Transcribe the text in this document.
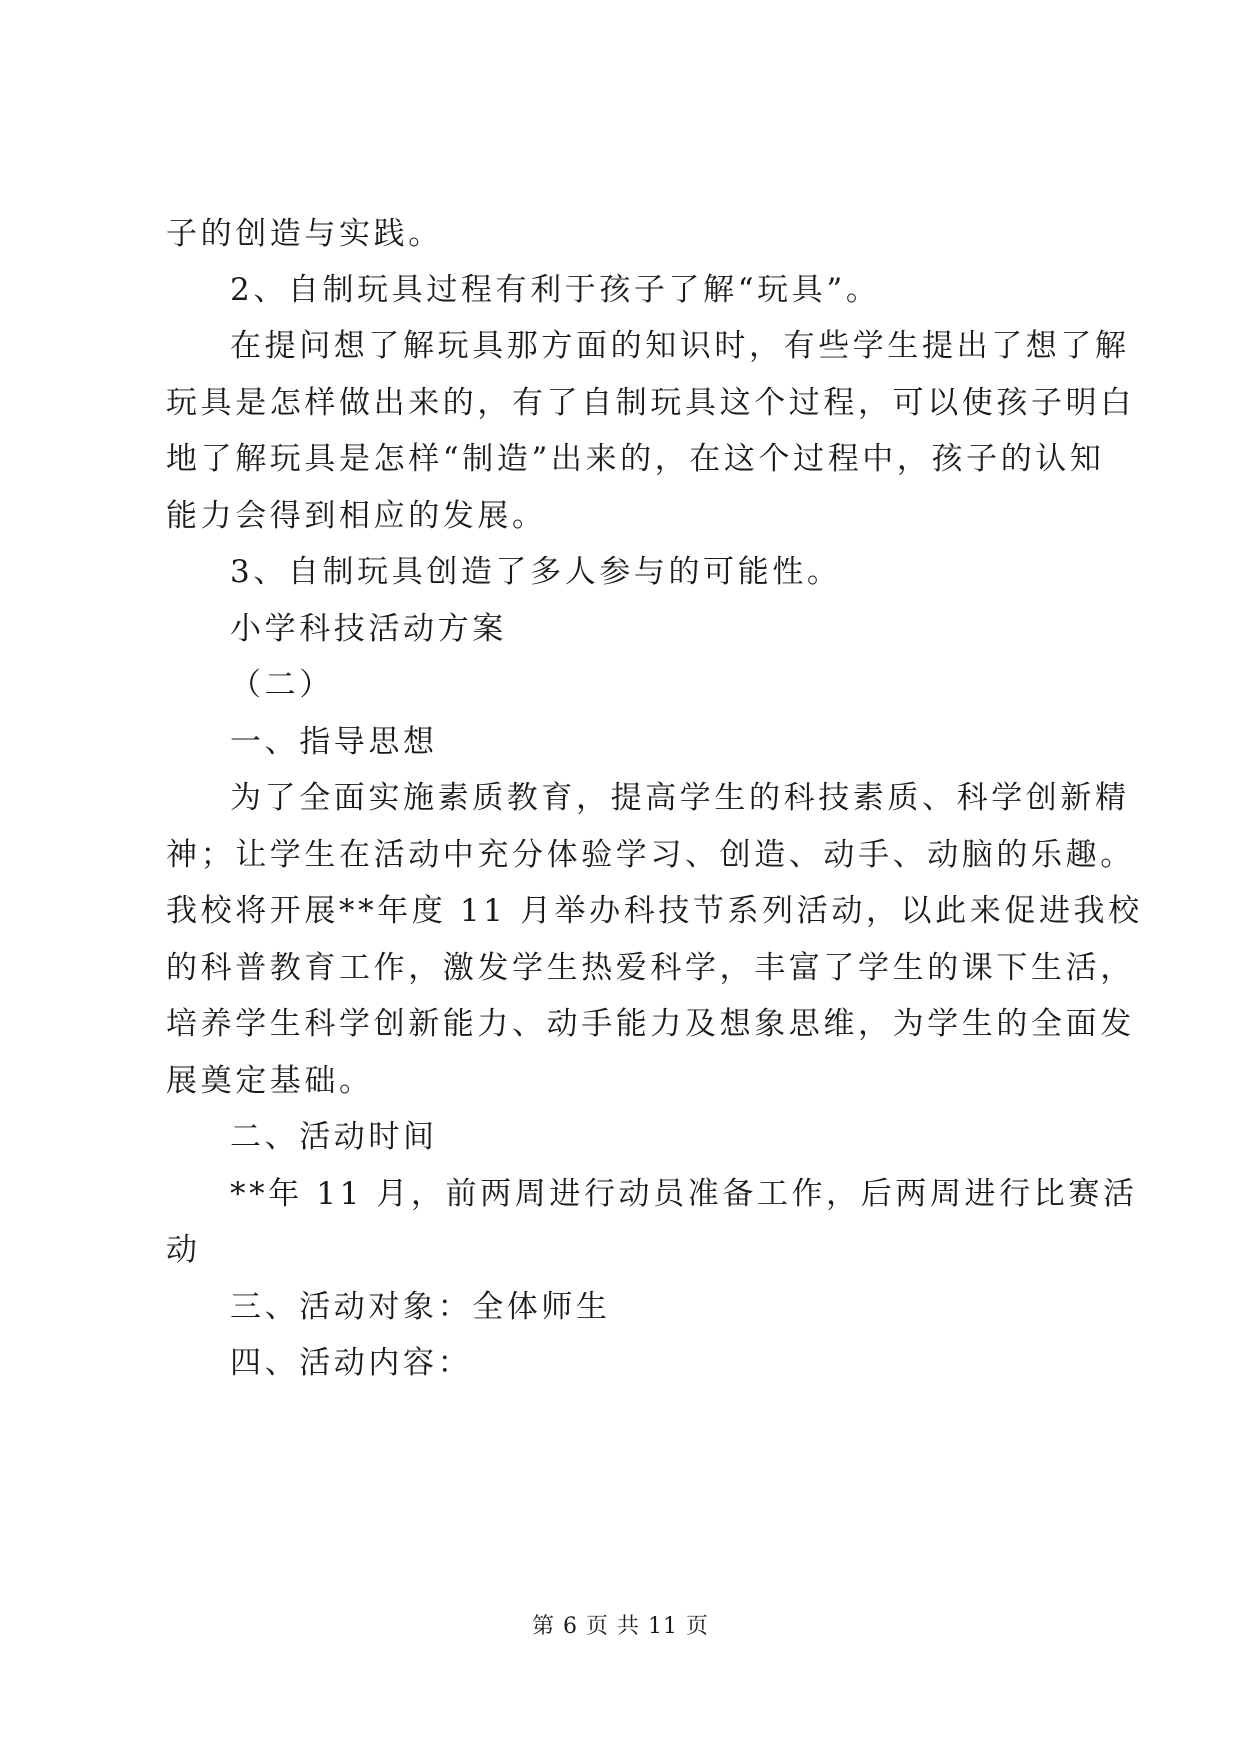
子的创造与实践。
2、自制玩具过程有利于孩子了解“玩具”。
在提问想了解玩具那方面的知识时，有些学生提出了想了解
玩具是怎样做出来的，有了自制玩具这个过程，可以使孩子明白
地了解玩具是怎样“制造”出来的，在这个过程中，孩子的认知
能力会得到相应的发展。
3、自制玩具创造了多人参与的可能性。
小学科技活动方案
（二）
一、指导思想
为了全面实施素质教育，提高学生的科技素质、科学创新精
神；让学生在活动中充分体验学习、创造、动手、动脑的乐趣。
我校将开展**年度 11 月举办科技节系列活动，以此来促进我校
的科普教育工作，激发学生热爱科学，丰富了学生的课下生活，
培养学生科学创新能力、动手能力及想象思维，为学生的全面发
展奠定基础。
二、活动时间
**年 11 月，前两周进行动员准备工作，后两周进行比赛活
动
三、活动对象：全体师生
四、活动内容：
第 6 页 共 11 页
